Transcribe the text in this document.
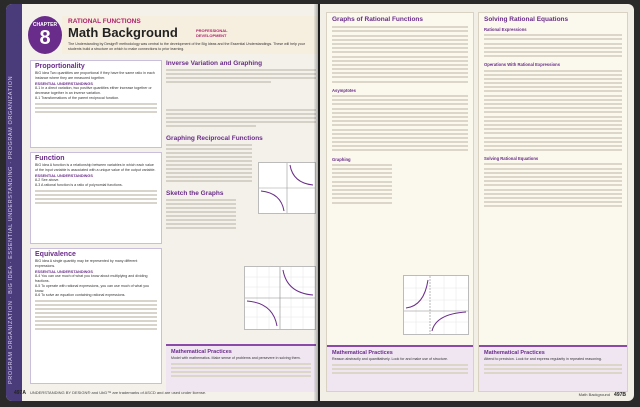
PROGRAM ORGANIZATION · BIG IDEA · ESSENTIAL UNDERSTANDING · PROGRAM ORGANIZATION
CHAPTER
8
RATIONAL FUNCTIONS
Math Background	PROFESSIONAL DEVELOPMENT
The Understanding by Design® methodology was central to the development of the Big Ideas and the Essential Understandings. These will help your students build a structure on which to make connections to prior learning.
Proportionality
BIG idea Two quantities are proportional if they have the same ratio in each instance where they are measured together.
ESSENTIAL UNDERSTANDINGS
8-1 In a direct variation, two positive quantities either increase together or decrease together in an inverse variation.
8-1 Transformations of the parent reciprocal function.
Function
BIG idea A function is a relationship between variables in which each value of the input variable is associated with a unique value of the output variable.
ESSENTIAL UNDERSTANDINGS
8-2 See above.
8-3 A rational function is a ratio of polynomial functions.
Equivalence
BIG idea A single quantity may be represented by many different expressions.
ESSENTIAL UNDERSTANDINGS
8-4 You can use much of what you know about multiplying and dividing fractions.
8-5 To operate with rational expressions, you can use much of what you know.
8-6 To solve an equation containing rational expressions.
Inverse Variation and Graphing
Graphing Reciprocal Functions
Sketch the Graphs
Mathematical Practices
Model with mathematics. Make sense of problems and persevere in solving them.
497A UNDERSTANDING BY DESIGN® and UbD™ are trademarks of ASCD and are used under license.
Graphs of Rational Functions
Asymptotes
Graphing
Mathematical Practices
Reason abstractly and quantitatively. Look for and make use of structure.
Solving Rational Equations
Rational Expressions
Operations With Rational Expressions
Solving Rational Equations
Mathematical Practices
Attend to precision. Look for and express regularity in repeated reasoning.
Math Background 497B
